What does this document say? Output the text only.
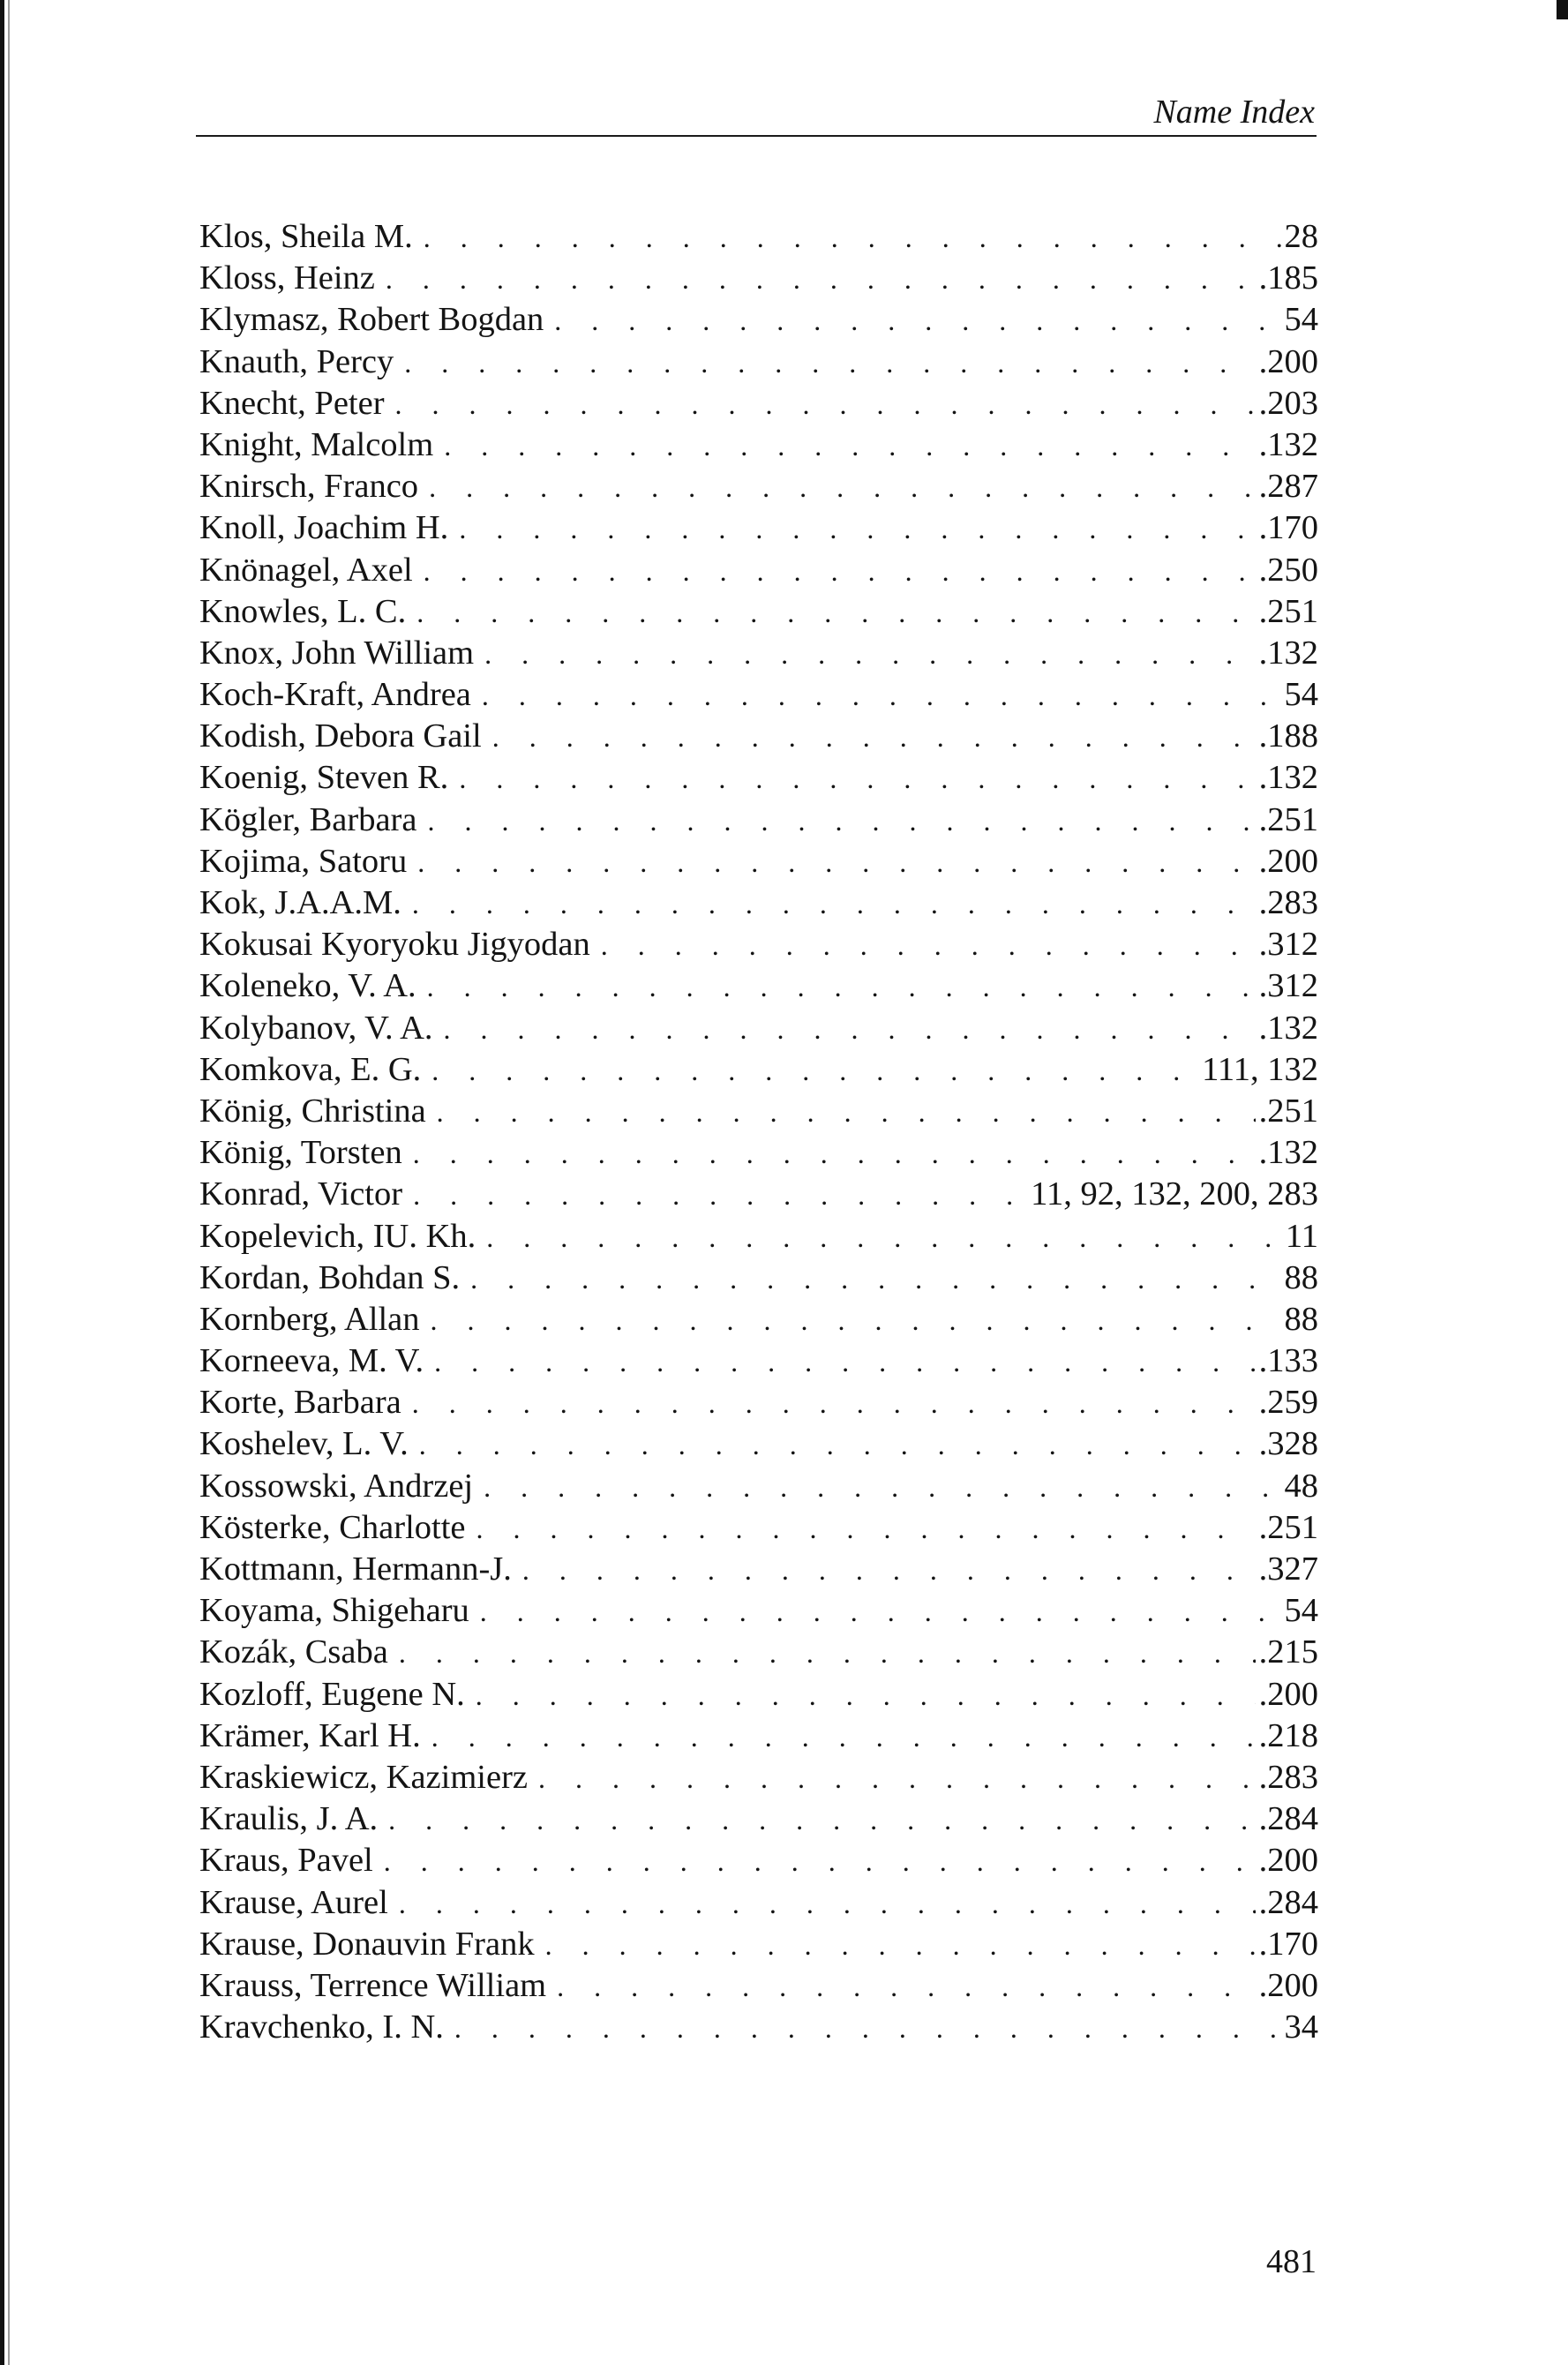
Name Index
Klos, Sheila M. . . .	28
Kloss, Heinz . . .	.185
Klymasz, Robert Bogdan . . .	54
Knauth, Percy . . .	.200
Knecht, Peter . . .	.203
Knight, Malcolm . . .	.132
Knirsch, Franco . . .	.287
Knoll, Joachim H. . . .	.170
Knönagel, Axel . . .	.250
Knowles, L. C. . . .	.251
Knox, John William . . .	.132
Koch-Kraft, Andrea . . .	54
Kodish, Debora Gail . . .	.188
Koenig, Steven R. . . .	.132
Kögler, Barbara . . .	.251
Kojima, Satoru . . .	.200
Kok, J.A.A.M. . . .	.283
Kokusai Kyoryoku Jigyodan . . .	.312
Koleneko, V. A. . . .	.312
Kolybanov, V. A. . . .	.132
Komkova, E. G. . . .	111, 132
König, Christina . . .	.251
König, Torsten . . .	.132
Konrad, Victor . . .	11, 92, 132, 200, 283
Kopelevich, IU. Kh. . . .	11
Kordan, Bohdan S. . . .	88
Kornberg, Allan . . .	88
Korneeva, M. V. . . .	.133
Korte, Barbara . . .	.259
Koshelev, L. V. . . .	.328
Kossowski, Andrzej . . .	48
Kösterke, Charlotte . . .	.251
Kottmann, Hermann-J. . . .	.327
Koyama, Shigeharu . . .	54
Kozák, Csaba . . .	.215
Kozloff, Eugene N. . . .	.200
Krämer, Karl H. . . .	.218
Kraskiewicz, Kazimierz . . .	.283
Kraulis, J. A. . . .	.284
Kraus, Pavel . . .	.200
Krause, Aurel . . .	.284
Krause, Donauvin Frank . . .	.170
Krauss, Terrence William . . .	.200
Kravchenko, I. N. . . .	34
481
